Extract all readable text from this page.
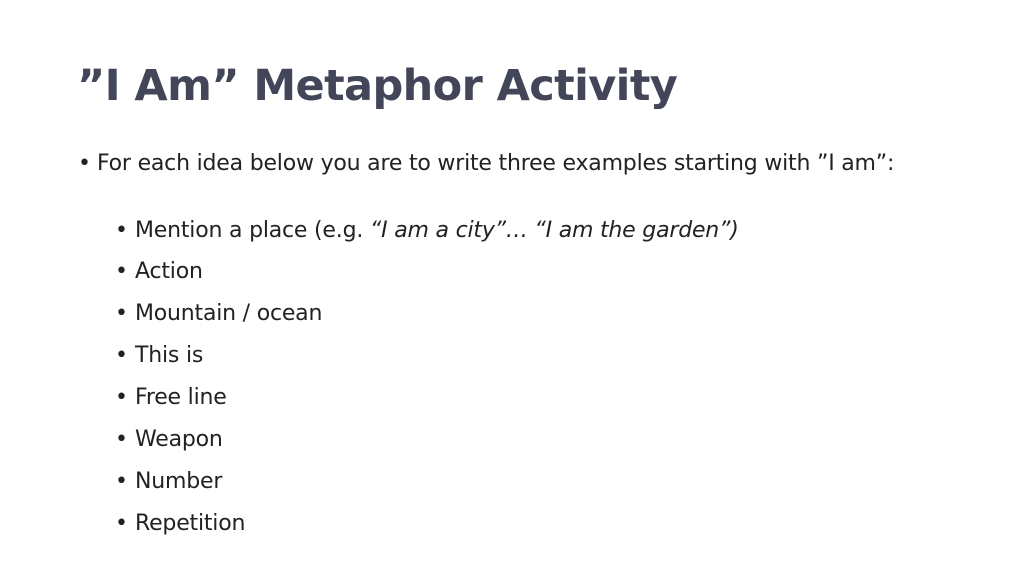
”I Am” Metaphor Activity
• For each idea below you are to write three examples starting with ”I am”:
• Mention a place (e.g. “I am a city”… “I am the garden”)
• Action
• Mountain / ocean
• This is
• Free line
• Weapon
• Number
• Repetition
